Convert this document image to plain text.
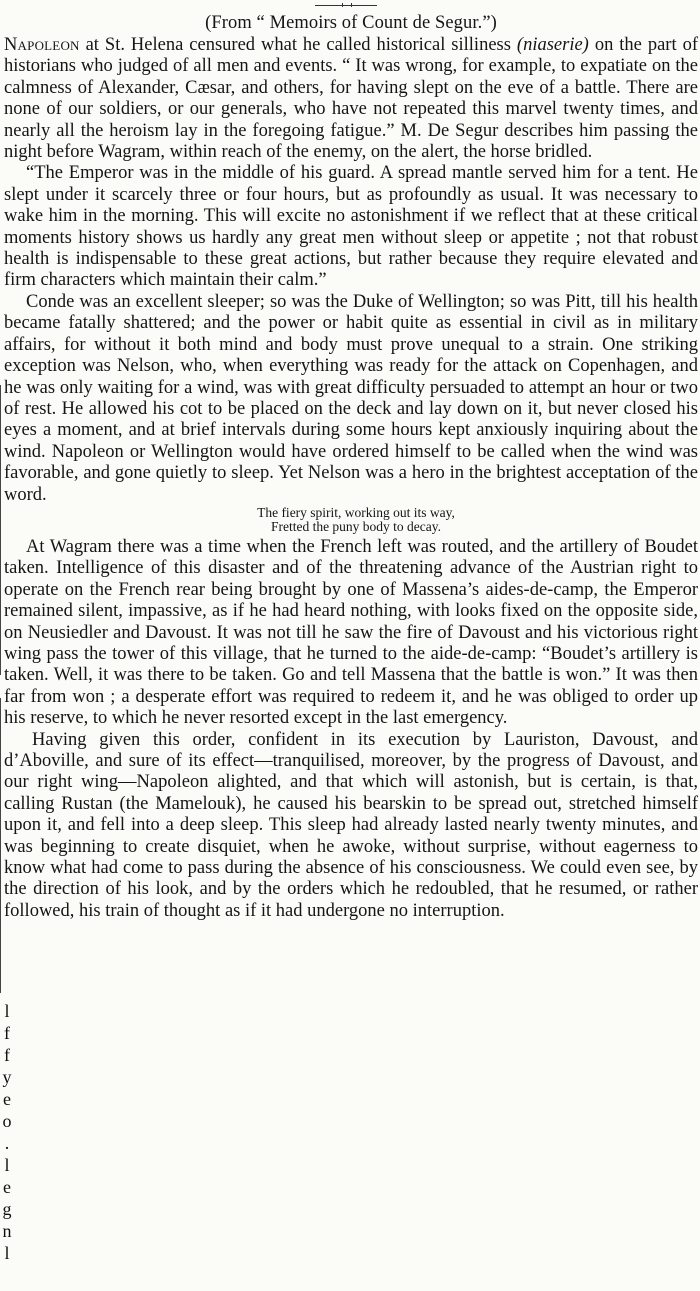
l
f
f
y
e
o
.
l
e
g
n
l
(From “ Memoirs of Count de Segur.”)

Napoleon at St. Helena censured what he called historical silliness (niaserie) on the part of historians who judged of all men and events. “ It was wrong, for example, to expatiate on the calmness of Alexander, Cæsar, and others, for having slept on the eve of a battle. There are none of our soldiers, or our generals, who have not repeated this marvel twenty times, and nearly all the heroism lay in the foregoing fatigue.” M. De Segur describes him passing the night before Wagram, within reach of the enemy, on the alert, the horse bridled.

“The Emperor was in the middle of his guard. A spread mantle served him for a tent. He slept under it scarcely three or four hours, but as profoundly as usual. It was necessary to wake him in the morning. This will excite no astonishment if we reflect that at these critical moments history shows us hardly any great men without sleep or appetite ; not that robust health is indispensable to these great actions, but rather because they require elevated and firm characters which maintain their calm.”

Conde was an excellent sleeper; so was the Duke of Wellington; so was Pitt, till his health became fatally shattered; and the power or habit quite as essential in civil as in military affairs, for without it both mind and body must prove unequal to a strain. One striking exception was Nelson, who, when everything was ready for the attack on Copenhagen, and he was only waiting for a wind, was with great difficulty persuaded to attempt an hour or two of rest. He allowed his cot to be placed on the deck and lay down on it, but never closed his eyes a moment, and at brief intervals during some hours kept anxiously inquiring about the wind. Napoleon or Wellington would have ordered himself to be called when the wind was favorable, and gone quietly to sleep. Yet Nelson was a hero in the brightest acceptation of the word.

The fiery spirit, working out its way,
Fretted the puny body to decay.

At Wagram there was a time when the French left was routed, and the artillery of Boudet taken. Intelligence of this disaster and of the threatening advance of the Austrian right to operate on the French rear being brought by one of Massena’s aides-de-camp, the Emperor remained silent, impassive, as if he had heard nothing, with looks fixed on the opposite side, on Neusiedler and Davoust. It was not till he saw the fire of Davoust and his victorious right wing pass the tower of this village, that he turned to the aide-de-camp: “Boudet’s artillery is taken. Well, it was there to be taken. Go and tell Massena that the battle is won.” It was then far from won ; a desperate effort was required to redeem it, and he was obliged to order up his reserve, to which he never resorted except in the last emergency.

Having given this order, confident in its execution by Lauriston, Davoust, and d’Aboville, and sure of its effect—tranquilised, moreover, by the progress of Davoust, and our right wing—Napoleon alighted, and that which will astonish, but is certain, is that, calling Rustan (the Mamelouk), he caused his bearskin to be spread out, stretched himself upon it, and fell into a deep sleep. This sleep had already lasted nearly twenty minutes, and was beginning to create disquiet, when he awoke, without surprise, without eagerness to know what had come to pass during the absence of his consciousness. We could even see, by the direction of his look, and by the orders which he redoubled, that he resumed, or rather followed, his train of thought as if it had undergone no interruption.
